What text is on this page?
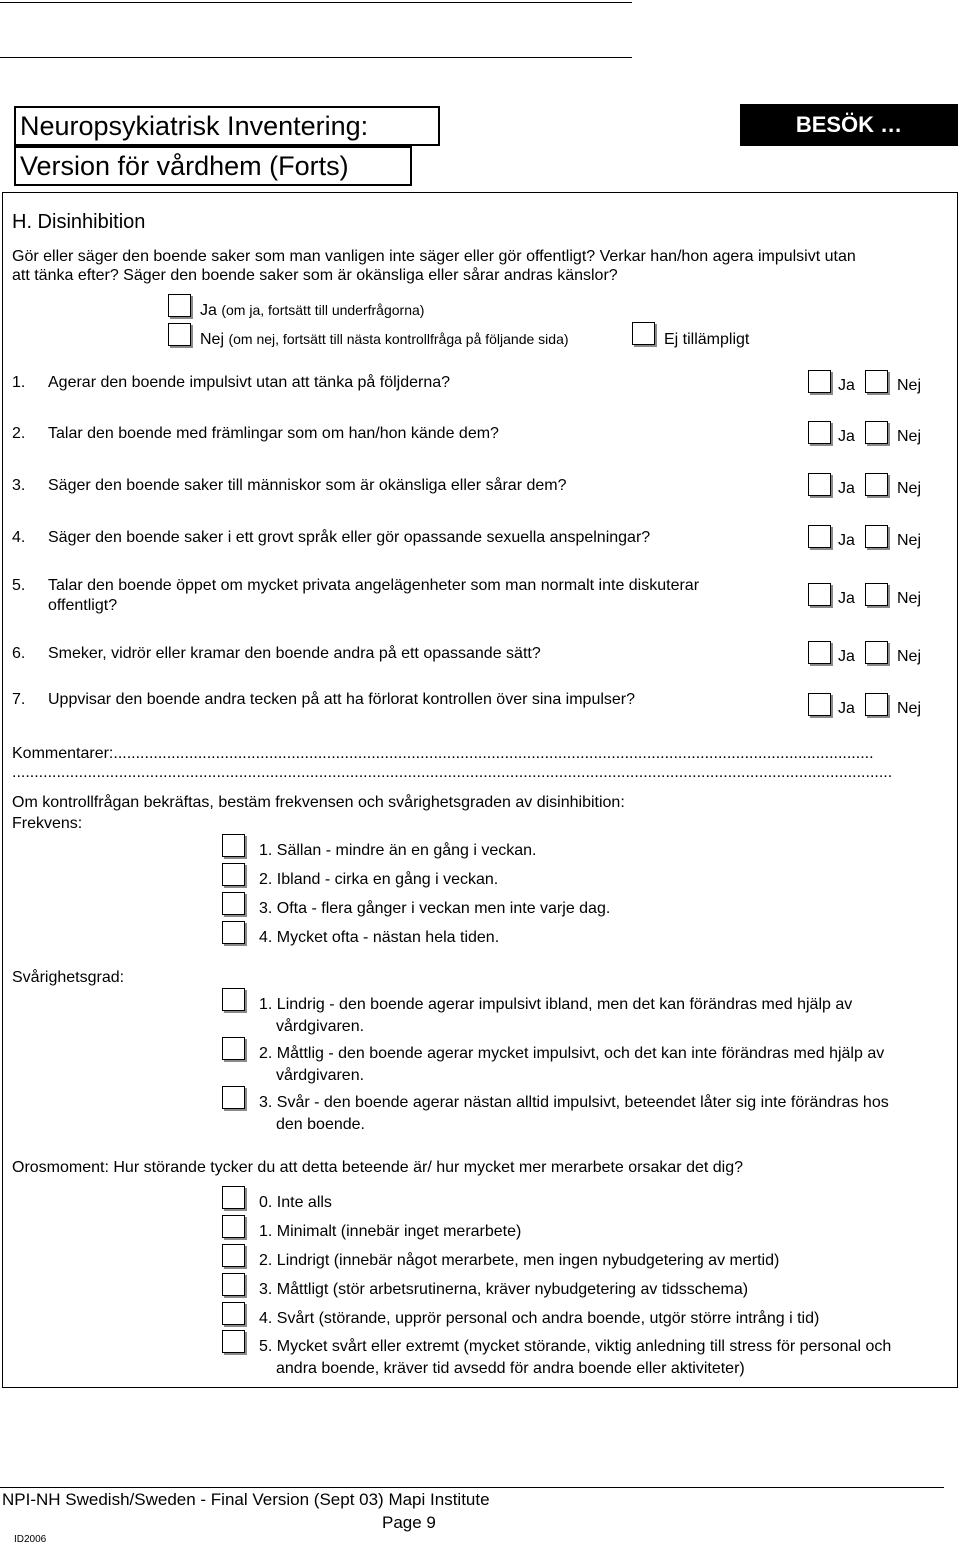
Neuropsykiatrisk Inventering:
Version för vårdhem (Forts)
BESÖK …
H. Disinhibition
Gör eller säger den boende saker som man vanligen inte säger eller gör offentligt? Verkar han/hon agera impulsivt utan
att tänka efter? Säger den boende saker som är okänsliga eller sårar andras känslor?
Ja (om ja, fortsätt till underfrågorna)
Nej (om nej, fortsätt till nästa kontrollfråga på följande sida)	Ej tillämpligt
1. Agerar den boende impulsivt utan att tänka på följderna?	Ja	Nej
2. Talar den boende med främlingar som om han/hon kände dem?	Ja	Nej
3. Säger den boende saker till människor som är okänsliga eller sårar dem?	Ja	Nej
4. Säger den boende saker i ett grovt språk eller gör opassande sexuella anspelningar?	Ja	Nej
5. Talar den boende öppet om mycket privata angelägenheter som man normalt inte diskuterar
offentligt?	Ja	Nej
6. Smeker, vidrör eller kramar den boende andra på ett opassande sätt?	Ja	Nej
7. Uppvisar den boende andra tecken på att ha förlorat kontrollen över sina impulser?
Ja	Nej
Kommentarer:...........................................................................................................................................................................
......................................................................................................................................................................................................
Om kontrollfrågan bekräftas, bestäm frekvensen och svårighetsgraden av disinhibition:
Frekvens:
1. Sällan - mindre än en gång i veckan.
2. Ibland - cirka en gång i veckan.
3. Ofta - flera gånger i veckan men inte varje dag.
4. Mycket ofta - nästan hela tiden.
Svårighetsgrad:
1. Lindrig - den boende agerar impulsivt ibland, men det kan förändras med hjälp av
vårdgivaren.
2. Måttlig - den boende agerar mycket impulsivt, och det kan inte förändras med hjälp av
vårdgivaren.
3. Svår - den boende agerar nästan alltid impulsivt, beteendet låter sig inte förändras hos
den boende.
Orosmoment: Hur störande tycker du att detta beteende är/ hur mycket mer merarbete orsakar det dig?
0. Inte alls
1. Minimalt (innebär inget merarbete)
2. Lindrigt (innebär något merarbete, men ingen nybudgetering av mertid)
3. Måttligt (stör arbetsrutinerna, kräver nybudgetering av tidsschema)
4. Svårt (störande, upprör personal och andra boende, utgör större intrång i tid)
5. Mycket svårt eller extremt (mycket störande, viktig anledning till stress för personal och
andra boende, kräver tid avsedd för andra boende eller aktiviteter)
NPI-NH Swedish/Sweden - Final Version (Sept 03) Mapi Institute
Page 9
ID2006
